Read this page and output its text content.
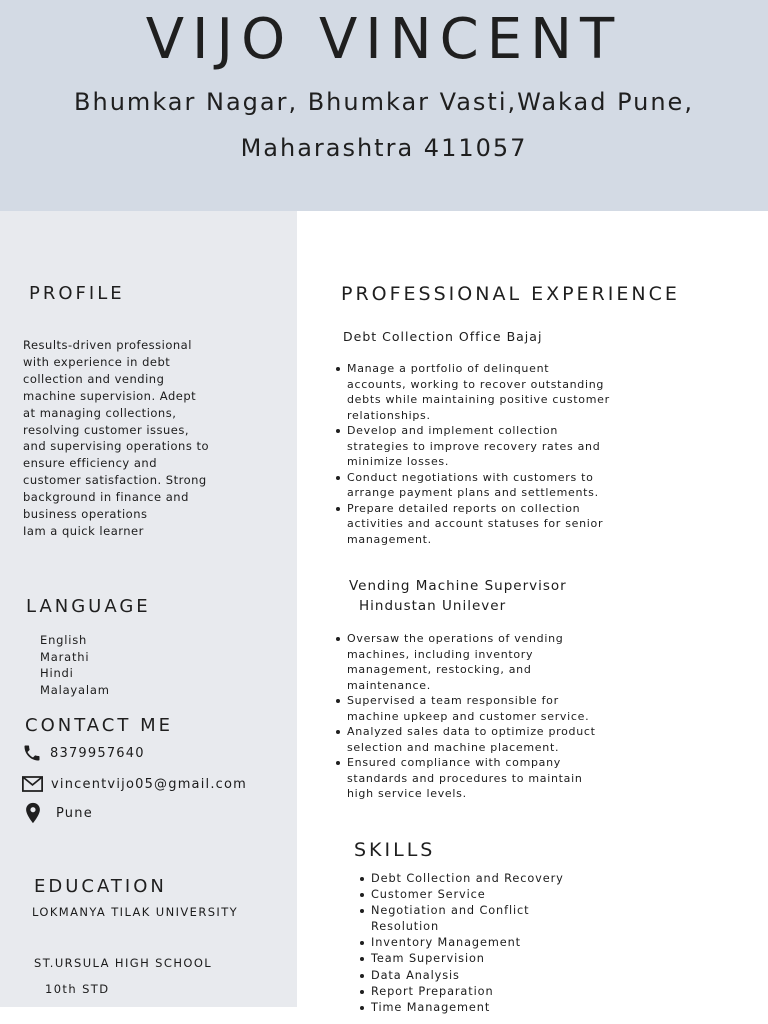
VIJO VINCENT
Bhumkar Nagar, Bhumkar Vasti,Wakad Pune,
Maharashtra 411057
PROFILE
Results-driven professional
with experience in debt
collection and vending
machine supervision. Adept
at managing collections,
resolving customer issues,
and supervising operations to
ensure efficiency and
customer satisfaction. Strong
background in finance and
business operations
Iam a quick learner
LANGUAGE
English
Marathi
Hindi
Malayalam
CONTACT ME
8379957640
vincentvijo05@gmail.com
Pune
EDUCATION
LOKMANYA TILAK UNIVERSITY
ST.URSULA HIGH SCHOOL
10th STD
PROFESSIONAL EXPERIENCE
Debt Collection Office Bajaj
Manage a portfolio of delinquent accounts, working to recover outstanding debts while maintaining positive customer relationships.
Develop and implement collection strategies to improve recovery rates and minimize losses.
Conduct negotiations with customers to arrange payment plans and settlements.
Prepare detailed reports on collection activities and account statuses for senior management.
Vending Machine Supervisor
Hindustan Unilever
Oversaw the operations of vending machines, including inventory management, restocking, and maintenance.
Supervised a team responsible for machine upkeep and customer service.
Analyzed sales data to optimize product selection and machine placement.
Ensured compliance with company standards and procedures to maintain high service levels.
SKILLS
Debt Collection and Recovery
Customer Service
Negotiation and Conflict Resolution
Inventory Management
Team Supervision
Data Analysis
Report Preparation
Time Management
